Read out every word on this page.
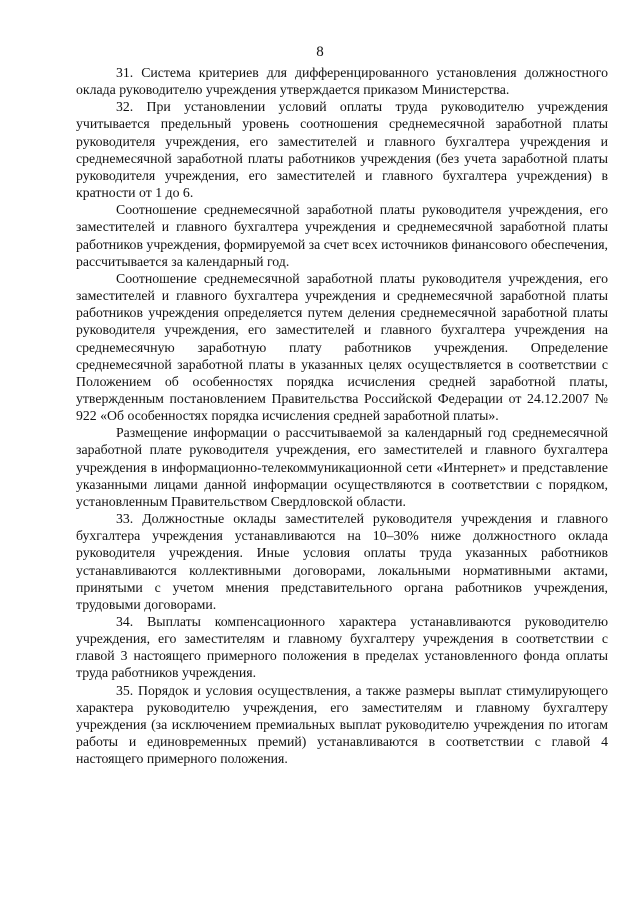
8

31. Система критериев для дифференцированного установления должностного оклада руководителю учреждения утверждается приказом Министерства.

32. При установлении условий оплаты труда руководителю учреждения учитывается предельный уровень соотношения среднемесячной заработной платы руководителя учреждения, его заместителей и главного бухгалтера учреждения и среднемесячной заработной платы работников учреждения (без учета заработной платы руководителя учреждения, его заместителей и главного бухгалтера учреждения) в кратности от 1 до 6.

Соотношение среднемесячной заработной платы руководителя учреждения, его заместителей и главного бухгалтера учреждения и среднемесячной заработной платы работников учреждения, формируемой за счет всех источников финансового обеспечения, рассчитывается за календарный год.

Соотношение среднемесячной заработной платы руководителя учреждения, его заместителей и главного бухгалтера учреждения и среднемесячной заработной платы работников учреждения определяется путем деления среднемесячной заработной платы руководителя учреждения, его заместителей и главного бухгалтера учреждения на среднемесячную заработную плату работников учреждения. Определение среднемесячной заработной платы в указанных целях осуществляется в соответствии с Положением об особенностях порядка исчисления средней заработной платы, утвержденным постановлением Правительства Российской Федерации от 24.12.2007 № 922 «Об особенностях порядка исчисления средней заработной платы».

Размещение информации о рассчитываемой за календарный год среднемесячной заработной плате руководителя учреждения, его заместителей и главного бухгалтера учреждения в информационно-телекоммуникационной сети «Интернет» и представление указанными лицами данной информации осуществляются в соответствии с порядком, установленным Правительством Свердловской области.

33. Должностные оклады заместителей руководителя учреждения и главного бухгалтера учреждения устанавливаются на 10–30% ниже должностного оклада руководителя учреждения. Иные условия оплаты труда указанных работников устанавливаются коллективными договорами, локальными нормативными актами, принятыми с учетом мнения представительного органа работников учреждения, трудовыми договорами.

34. Выплаты компенсационного характера устанавливаются руководителю учреждения, его заместителям и главному бухгалтеру учреждения в соответствии с главой 3 настоящего примерного положения в пределах установленного фонда оплаты труда работников учреждения.

35. Порядок и условия осуществления, а также размеры выплат стимулирующего характера руководителю учреждения, его заместителям и главному бухгалтеру учреждения (за исключением премиальных выплат руководителю учреждения по итогам работы и единовременных премий) устанавливаются в соответствии с главой 4 настоящего примерного положения.
